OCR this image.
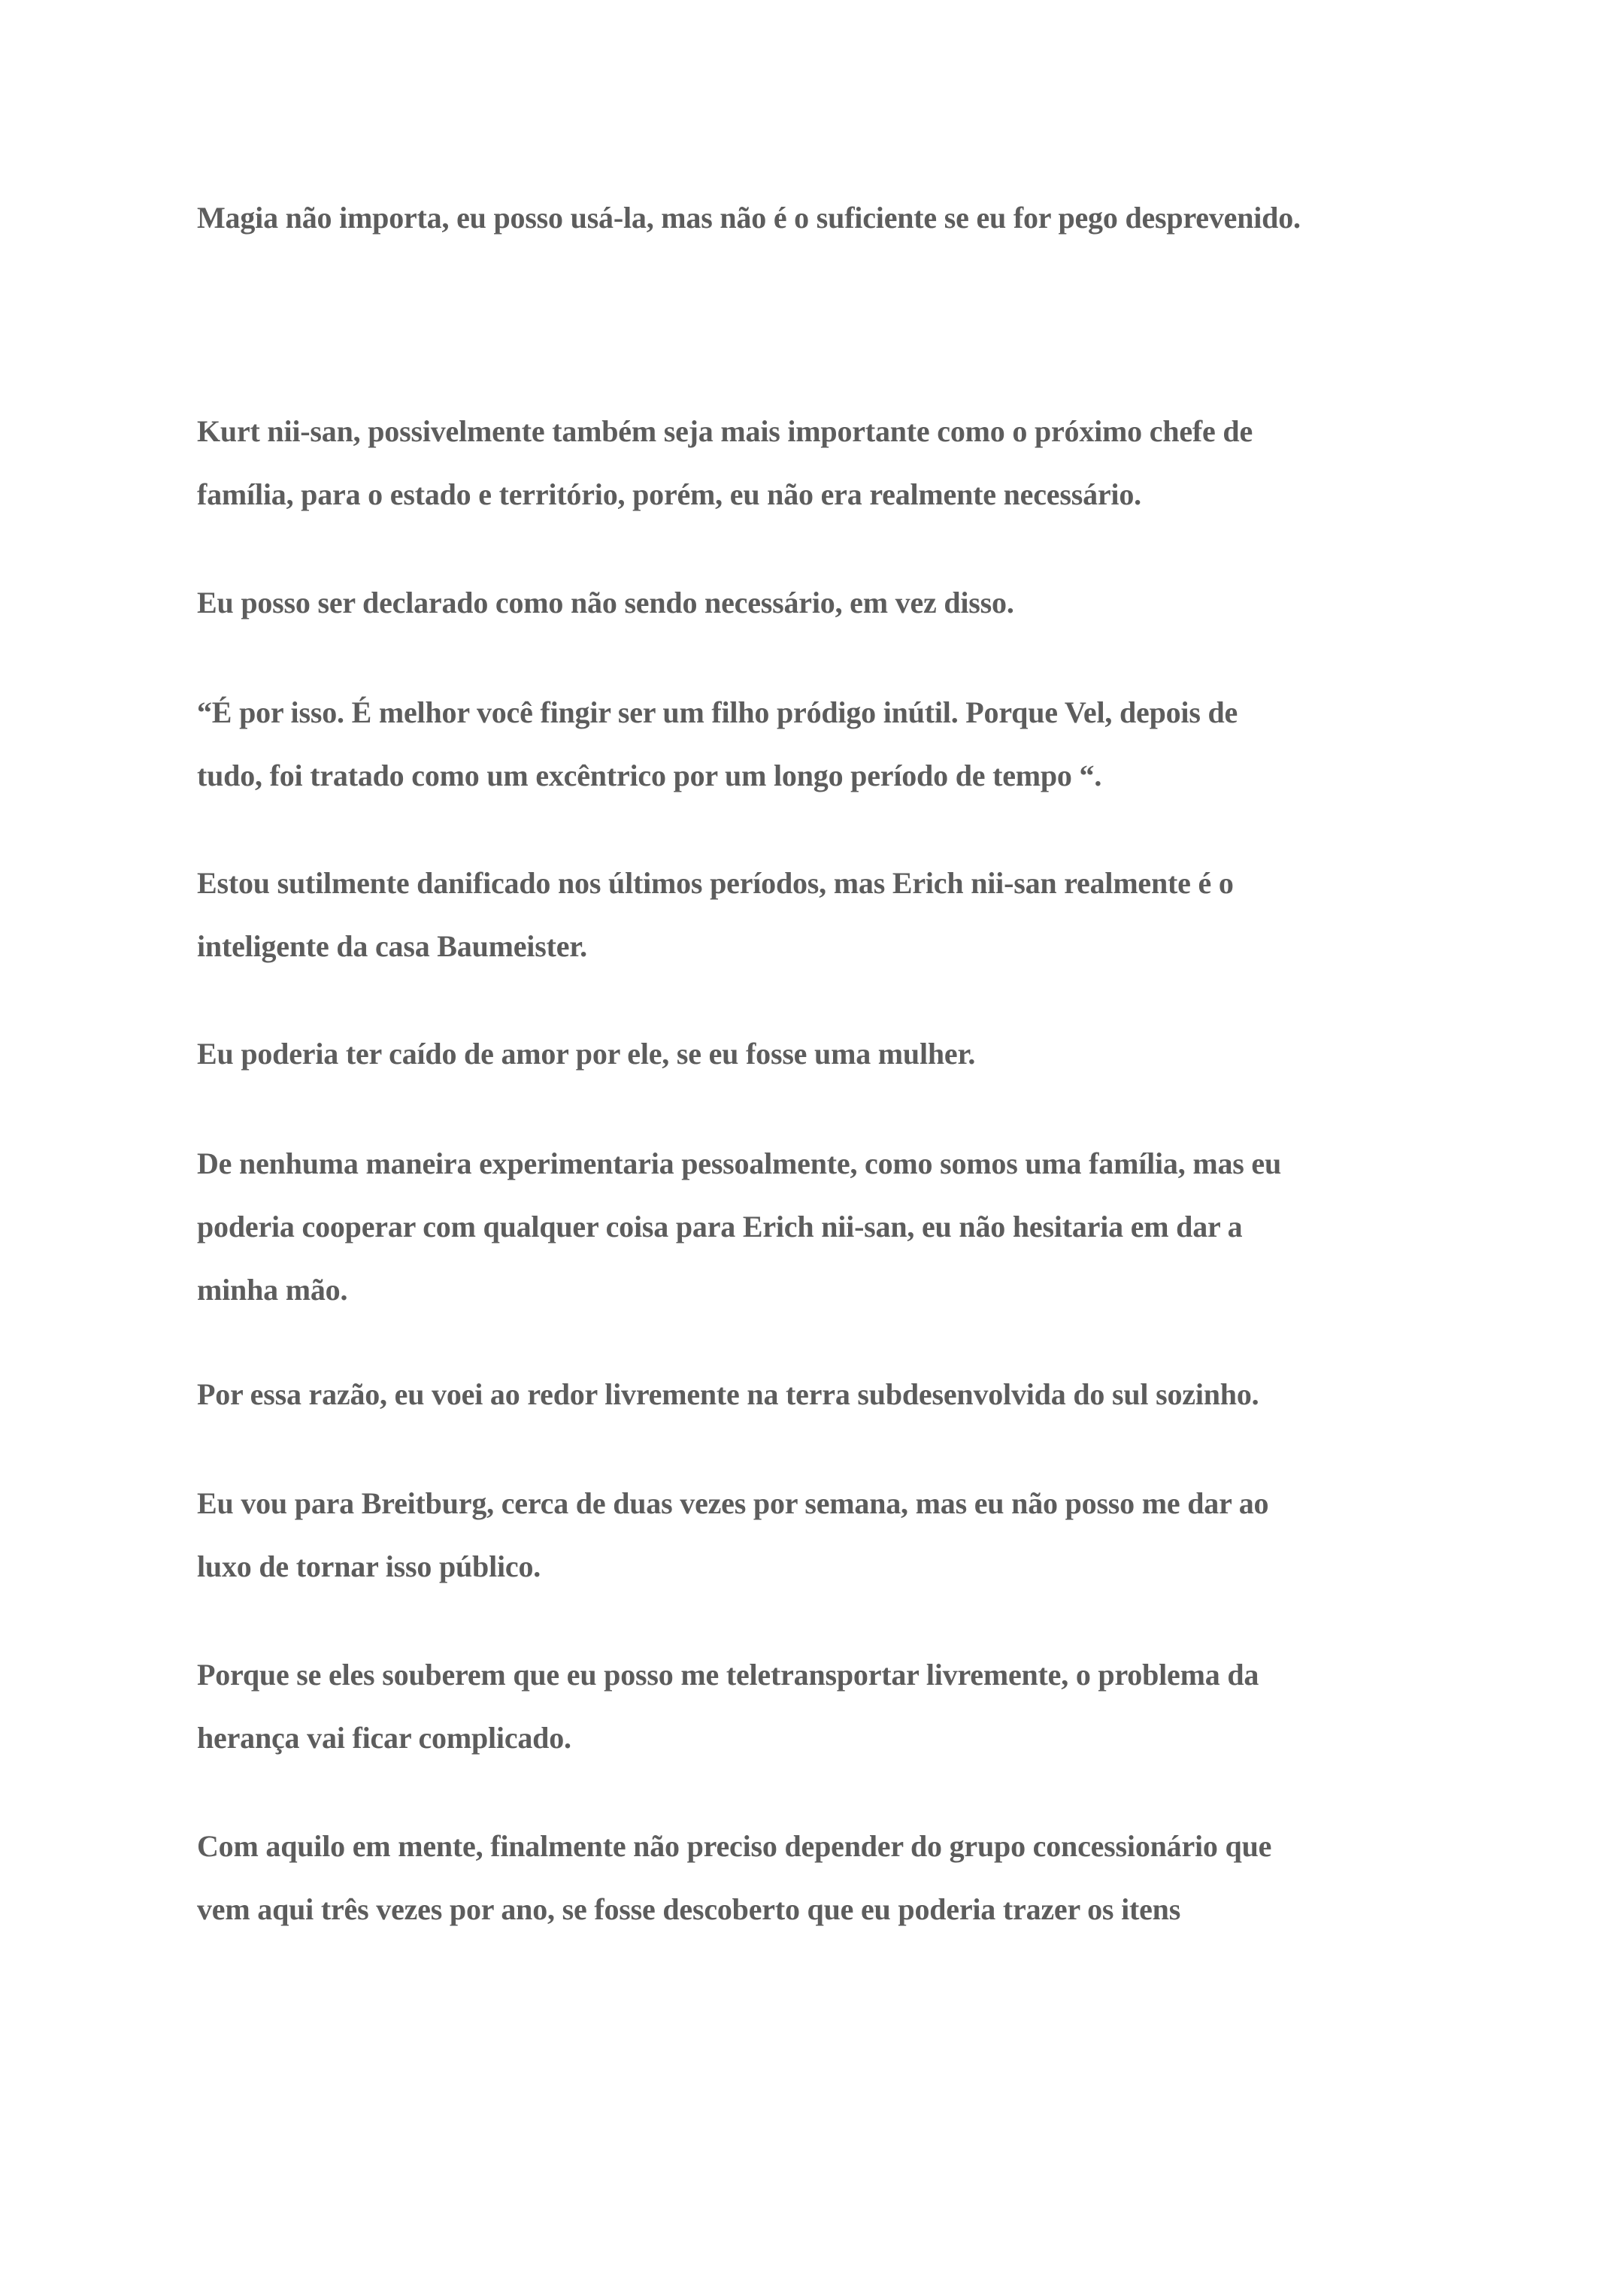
Magia não importa, eu posso usá-la, mas não é o suficiente se eu for pego desprevenido.
Kurt nii-san, possivelmente também seja mais importante como o próximo chefe de
família, para o estado e território, porém, eu não era realmente necessário.
Eu posso ser declarado como não sendo necessário, em vez disso.
“É por isso. É melhor você fingir ser um filho pródigo inútil. Porque Vel, depois de
tudo, foi tratado como um excêntrico por um longo período de tempo “.
Estou sutilmente danificado nos últimos períodos, mas Erich nii-san realmente é o
inteligente da casa Baumeister.
Eu poderia ter caído de amor por ele, se eu fosse uma mulher.
De nenhuma maneira experimentaria pessoalmente, como somos uma família, mas eu
poderia cooperar com qualquer coisa para Erich nii-san, eu não hesitaria em dar a
minha mão.
Por essa razão, eu voei ao redor livremente na terra subdesenvolvida do sul sozinho.
Eu vou para Breitburg, cerca de duas vezes por semana, mas eu não posso me dar ao
luxo de tornar isso público.
Porque se eles souberem que eu posso me teletransportar livremente, o problema da
herança vai ficar complicado.
Com aquilo em mente, finalmente não preciso depender do grupo concessionário que
vem aqui três vezes por ano, se fosse descoberto que eu poderia trazer os itens
